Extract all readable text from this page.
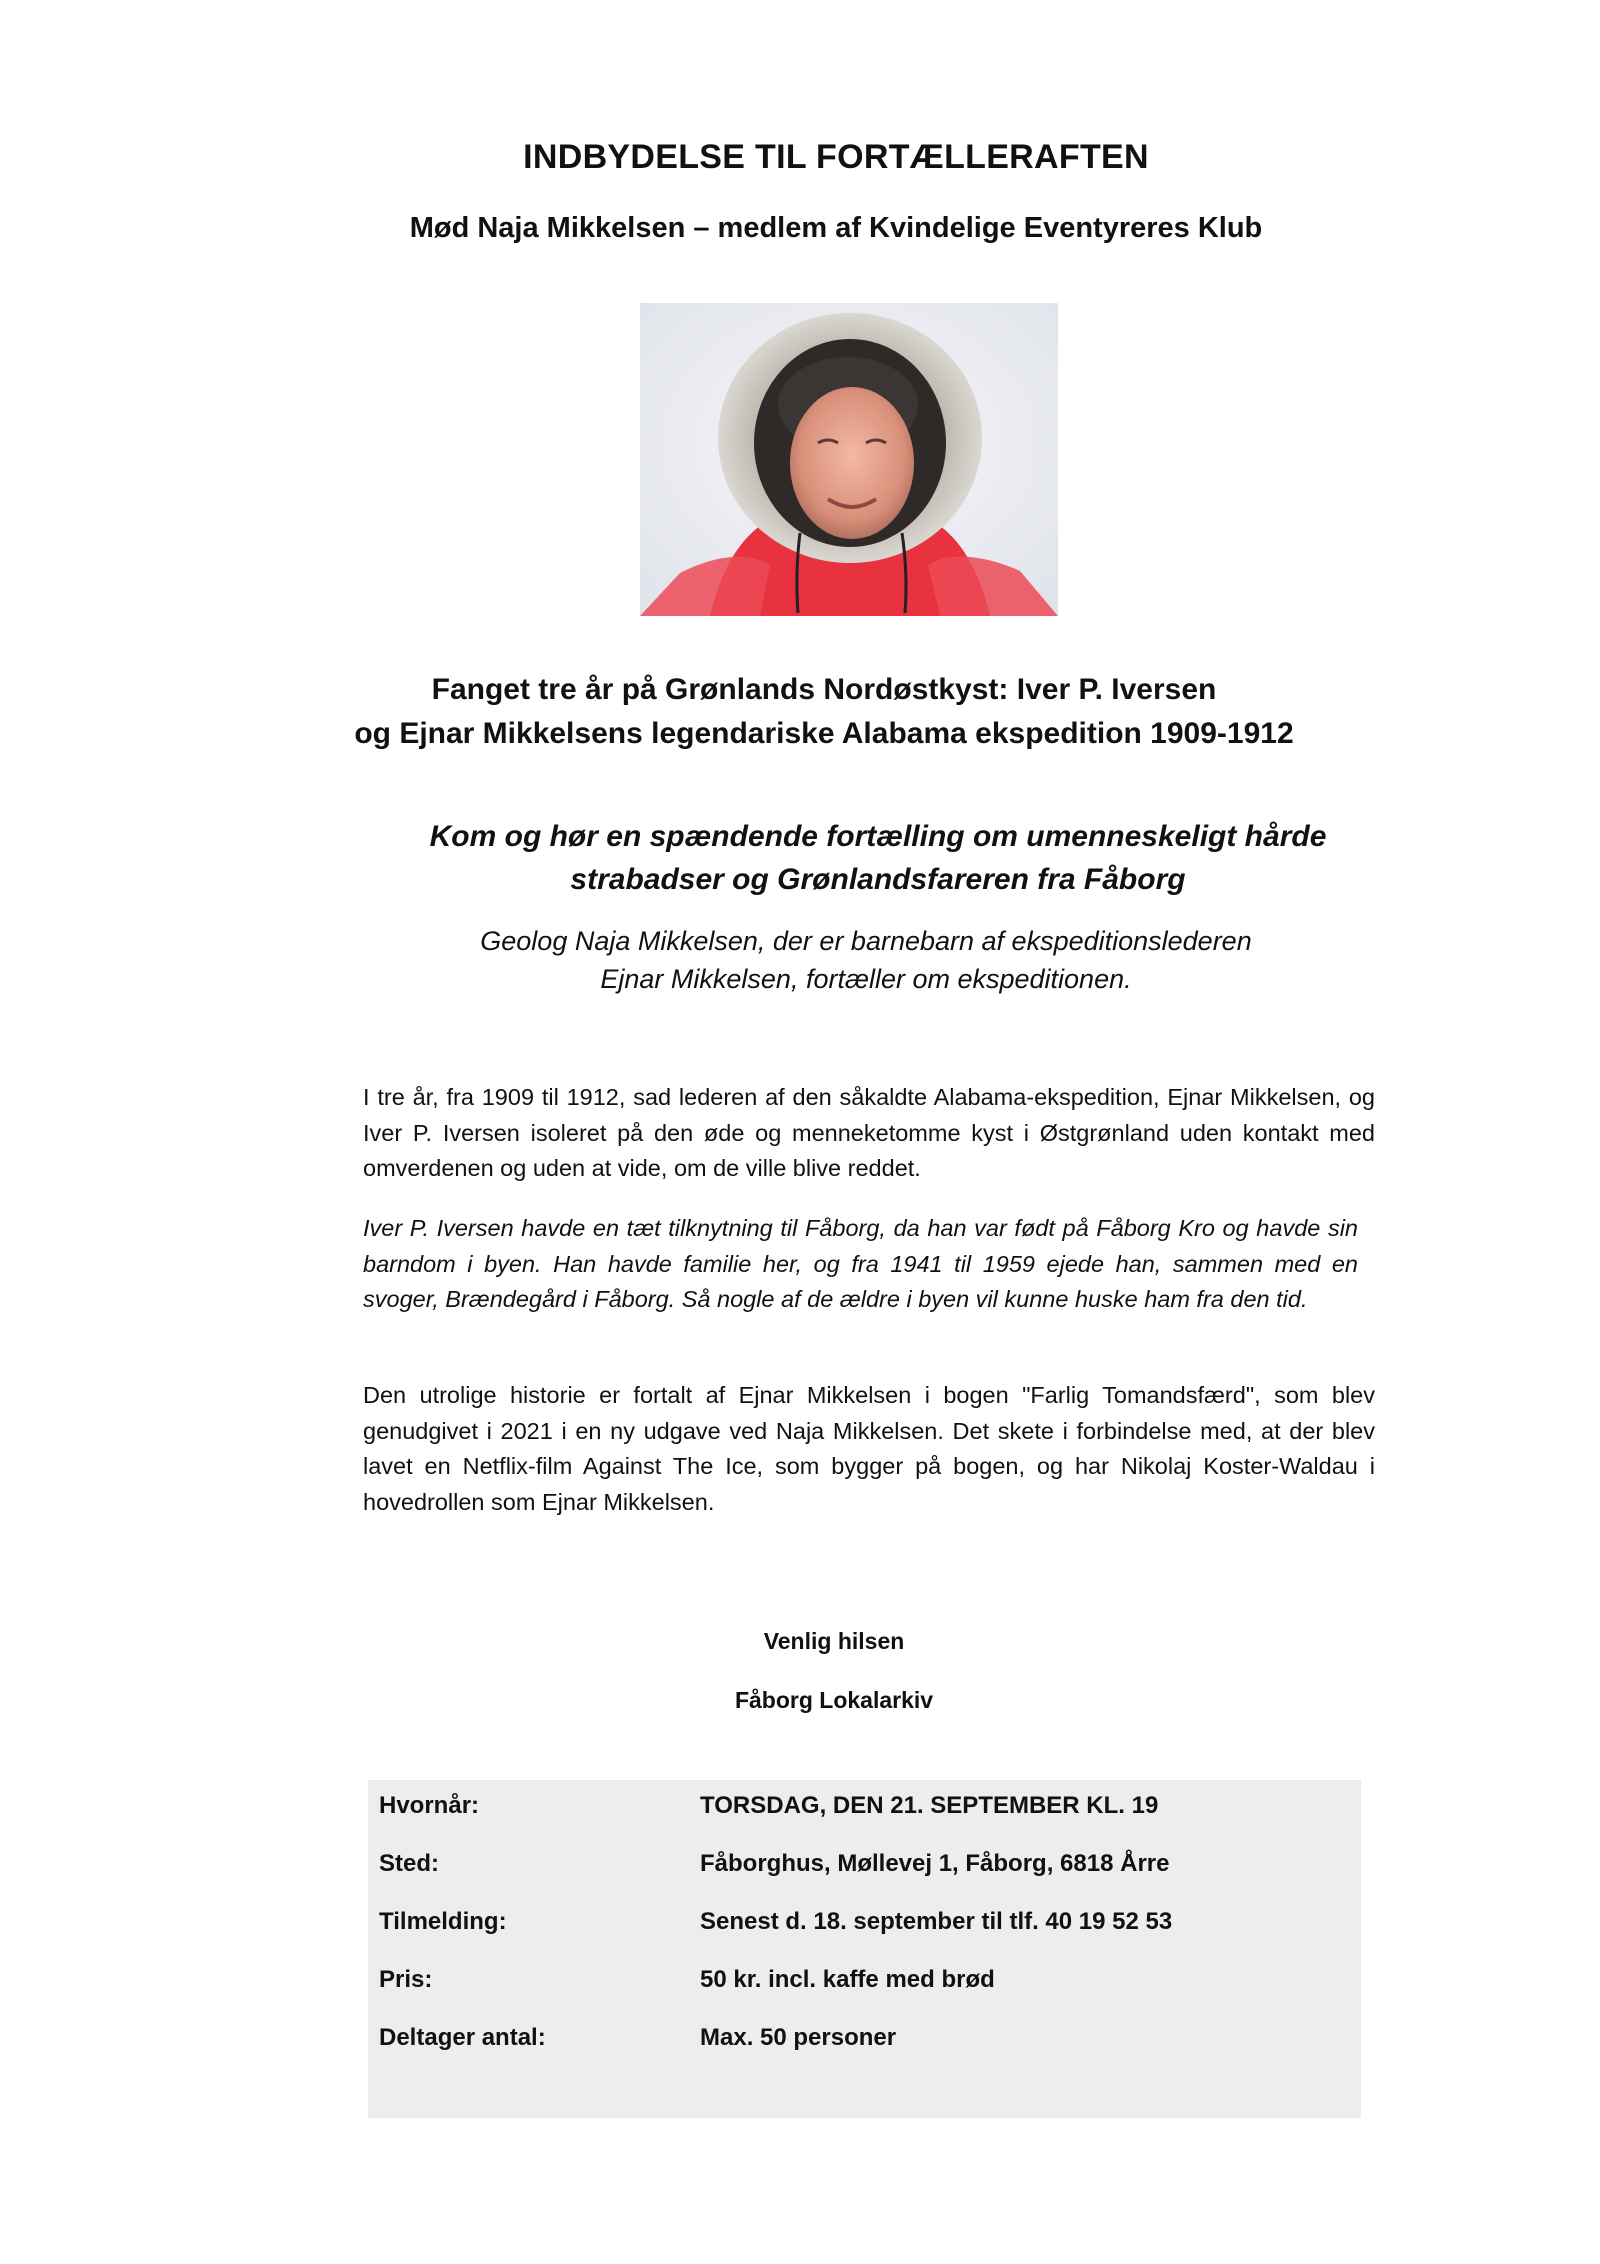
INDBYDELSE TIL FORTÆLLERAFTEN
Mød Naja Mikkelsen – medlem af Kvindelige Eventyreres Klub
Fanget tre år på Grønlands Nordøstkyst: Iver P. Iversen
og Ejnar Mikkelsens legendariske Alabama ekspedition 1909-1912
Kom og hør en spændende fortælling om umenneskeligt hårde
strabadser og Grønlandsfareren fra Fåborg
Geolog Naja Mikkelsen, der er barnebarn af ekspeditionslederen
Ejnar Mikkelsen, fortæller om ekspeditionen.

I tre år, fra 1909 til 1912, sad lederen af den såkaldte Alabama-ekspedition, Ejnar Mikkelsen, og Iver P. Iversen isoleret på den øde og menneketomme kyst i Østgrønland uden kontakt med omverdenen og uden at vide, om de ville blive reddet.

Iver P. Iversen havde en tæt tilknytning til Fåborg, da han var født på Fåborg Kro og havde sin barndom i byen. Han havde familie her, og fra 1941 til 1959 ejede han, sammen med en svoger, Brændegård i Fåborg. Så nogle af de ældre i byen vil kunne huske ham fra den tid.

Den utrolige historie er fortalt af Ejnar Mikkelsen i bogen "Farlig Tomandsfærd", som blev genudgivet i 2021 i en ny udgave ved Naja Mikkelsen. Det skete i forbindelse med, at der blev lavet en Netflix-film Against The Ice, som bygger på bogen, og har Nikolaj Koster-Waldau i hovedrollen som Ejnar Mikkelsen.

Venlig hilsen
Fåborg Lokalarkiv
Hvornår:	TORSDAG, DEN 21. SEPTEMBER KL. 19
Sted:	Fåborghus, Møllevej 1, Fåborg, 6818 Årre
Tilmelding:	Senest d. 18. september til tlf. 40 19 52 53
Pris:	50 kr. incl. kaffe med brød
Deltager antal:	Max. 50 personer
